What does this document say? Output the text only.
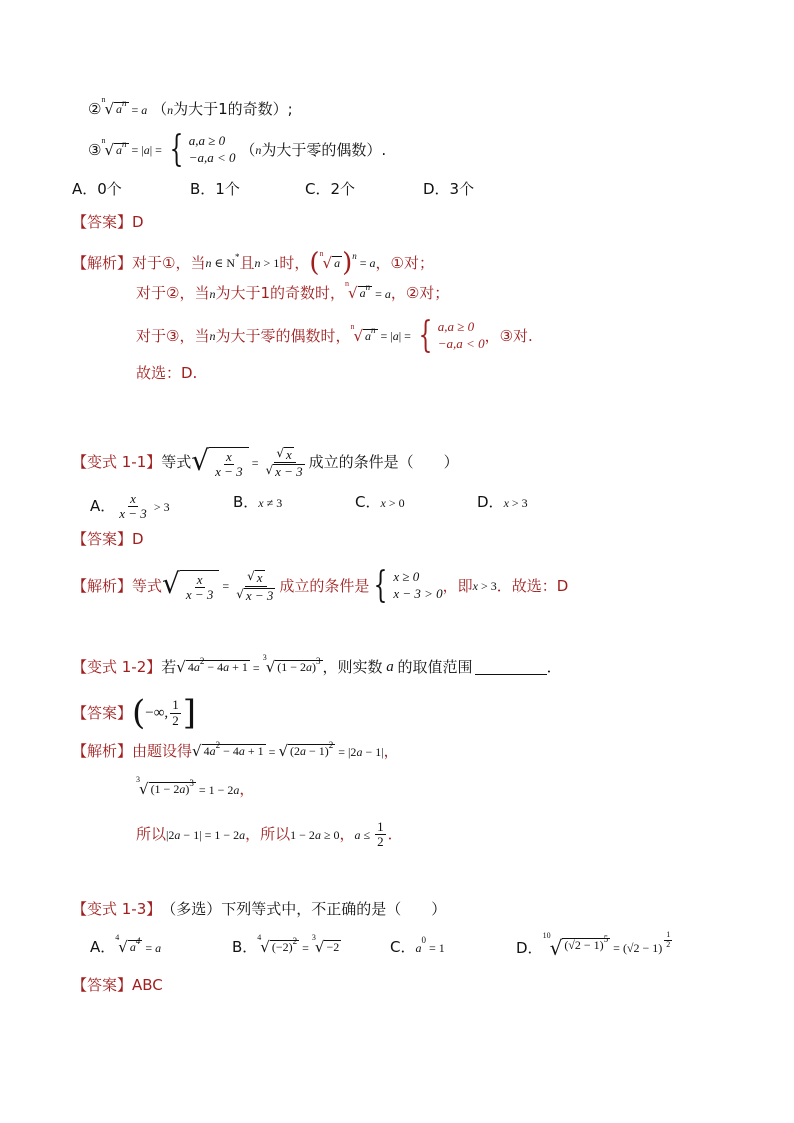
②
n
√ $a^n = a$ （ n 为大于1的奇数）;
③
n
√ $a^n$ = | a | = { a,a ≥ 0
−a,a < 0 （ n 为大于零的偶数）.
A．0个	B．1个	C．2个	D．3个
【答案】 D
【解析】 对于①，当 n ∈ N* 且 n > 1 时， ( n
√ a ) n
= a ，①对；
对于②，当 n 为大于1的奇数时，
n
√ $a^n = a$ ，②对；
对于③，当 n 为大于零的偶数时，
n
√ $a^n$ = | a | = { a,a ≥ 0
−a,a < 0 ，③对.
故选：D.
【变式 1-1】 等式 √ $\frac{x}{x - 3} = \frac{√ x}{√ x - 3}$ 成立的条件是（　　）
A． $\frac{x}{x - 3} > 3$	B． x ≠ 3	C． x > 0	D． x > 3
【答案】 D
【解析】 等式 √ $\frac{x}{x - 3} = \frac{√ x}{√ x - 3}$ 成立的条件是 { x ≥ 0
x − 3 > 0 ，即 x > 3 ．故选：D
【变式 1-2】 若 √ $4a^2 - 4a + 1$ =
3
√ $(1 - 2a)^3$ ，则实数 a 的取值范围	．
【答案】 ( −∞, $\frac{1}{2}$ ]
【解析】 由题设得 √ $4a^2 - 4a + 1$ = √ $(2a - 1)^2 = |2a - 1|$ ，
3
√ $(1 - 2a)^3 = 1 - 2a$ ，
所以 |2a − 1| = 1 − 2a ，所以 1 − 2a ≥ 0 ， $a \le \frac{1}{2}$ ．
【变式 1-3】 （多选）下列等式中，不正确的是（　　）
A．
4
√ $a^4 = a$	B．
4
√ $(-2)^2$ =
3
√ −2	C． a
0
= 1	D．
10
√ $(√2 - 1)^5$
= $(√2 - 1) \frac{1}{2}$
【答案】 ABC
